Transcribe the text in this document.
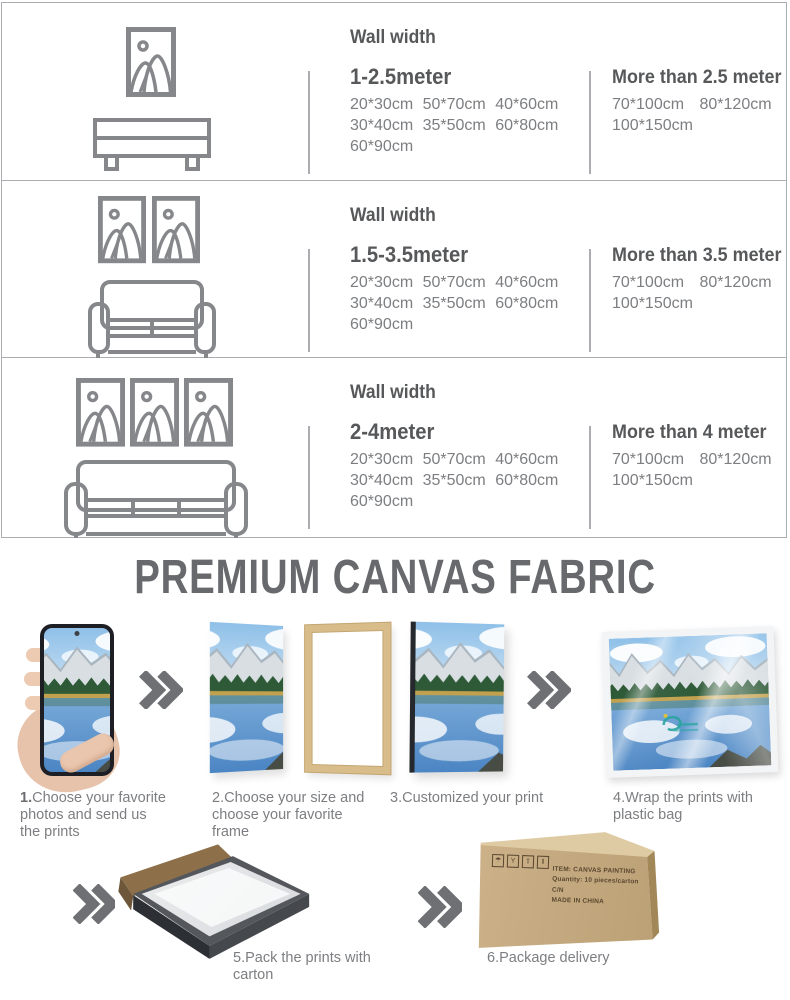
Wall width
1-2.5meter
20*30cm 50*70cm 40*60cm
30*40cm 35*50cm 60*80cm
60*90cm
More than 2.5 meter
70*100cm 80*120cm
100*150cm
Wall width
1.5-3.5meter
20*30cm 50*70cm 40*60cm
30*40cm 35*50cm 60*80cm
60*90cm
More than 3.5 meter
70*100cm 80*120cm
100*150cm
Wall width
2-4meter
20*30cm 50*70cm 40*60cm
30*40cm 35*50cm 60*80cm
60*90cm
More than 4 meter
70*100cm 80*120cm
100*150cm
PREMIUM CANVAS FABRIC
1.Choose your favorite
photos and send us
the prints
2.Choose your size and
choose your favorite
frame
3.Customized your print	4.Wrap the prints with
plastic bag
5.Pack the prints with
carton
☂	Y	⇧	‖
ITEM: CANVAS PAINTING
Quantity: 10 pieces/carton
C/N
MADE IN CHINA
6.Package delivery
